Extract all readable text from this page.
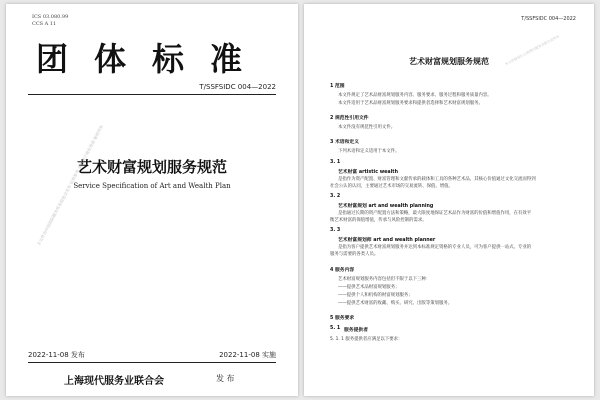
ICS 03.080.99
CCS A 11
团体标准
T/SSFSIDC 004—2022
艺术财富规划服务规范
Service Specification of Art and Wealth Plan
本文件由中国国际服务贸易促进会发布 仅供参考 请勿用于商业用途 版权所有
2022-11-08 发布	2022-11-08 实施
上海现代服务业联合会	发 布
T/SSFSIDC 004—2022
艺术财富规划服务规范	本文件版权归上海现代服务业联合会所有
1 范围
本文件规定了艺术品财富规划服务内容、服务要求、服务过程和服务质量内容。
本文件适用于艺术品财富规划服务要求和提供者选择和艺术财富规划服务。
2 规范性引用文件
本文件没有规范性引用文件。
3 术语和定义
下列术语和定义适用于本文件。
3. 1
艺术财富 artistic wealth
是指作为资产配置、财富管理和文献传承的载体和工具的各种艺术品，其核心价值通过文化交流而得到
社会公认的认同，主要通过艺术市场的交易流转、保值、增值。
3. 2
艺术财富规划 art and wealth planning
是指通过长期的资产配置方法和策略，最大限度地保证艺术品作为财富的价值和增值作用，在有效平
衡艺术财富的保值增值，传承与风险控制的需求。
3. 3
艺术财富规划师 art and wealth planner
是指为客户提供艺术财富规划服务并达到本标准规定资格的专业人员，可为客户提供一站式、专业的
服务与需要的各类人员。
4 服务内容
艺术财富规划服务内容包括但不限于以下三种：
——提供艺术品财富规划服务；
——提供个人和机构的财富规划服务；
——提供艺术财富的收藏、购买、研究、出版等策划服务。
5 服务要求
5. 1 服务提供者
5. 1. 1 服务提供者应满足以下要求：
